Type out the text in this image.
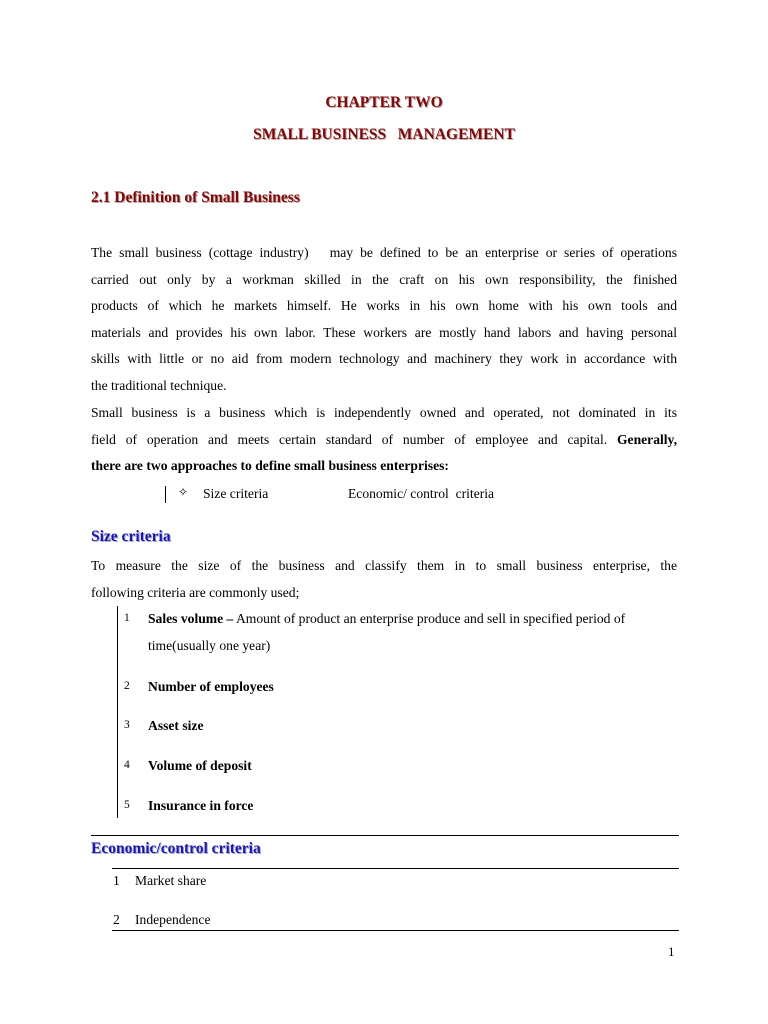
CHAPTER TWO
SMALL BUSINESS   MANAGEMENT
2.1 Definition of Small Business
The small business (cottage industry)   may be defined to be an enterprise or series of operations
carried out only by a workman skilled in the craft on his own responsibility, the finished
products of which he markets himself. He works in his own home with his own tools and
materials and provides his own labor. These workers are mostly hand labors and having personal
skills with little or no aid from modern technology and machinery they work in accordance with
the traditional technique.
Small business is a business which is independently owned and operated, not dominated in its
field of operation and meets certain standard of number of employee and capital. Generally,
there are two approaches to define small business enterprises:
✧ Size criteria	Economic/ control  criteria
Size criteria
To measure the size of the business and classify them in to small business enterprise, the
following criteria are commonly used;
1 Sales volume – Amount of product an enterprise produce and sell in specified period of
time(usually one year)
2 Number of employees
3 Asset size
4 Volume of deposit
5 Insurance in force
Economic/control criteria
1 Market share
2 Independence
1
